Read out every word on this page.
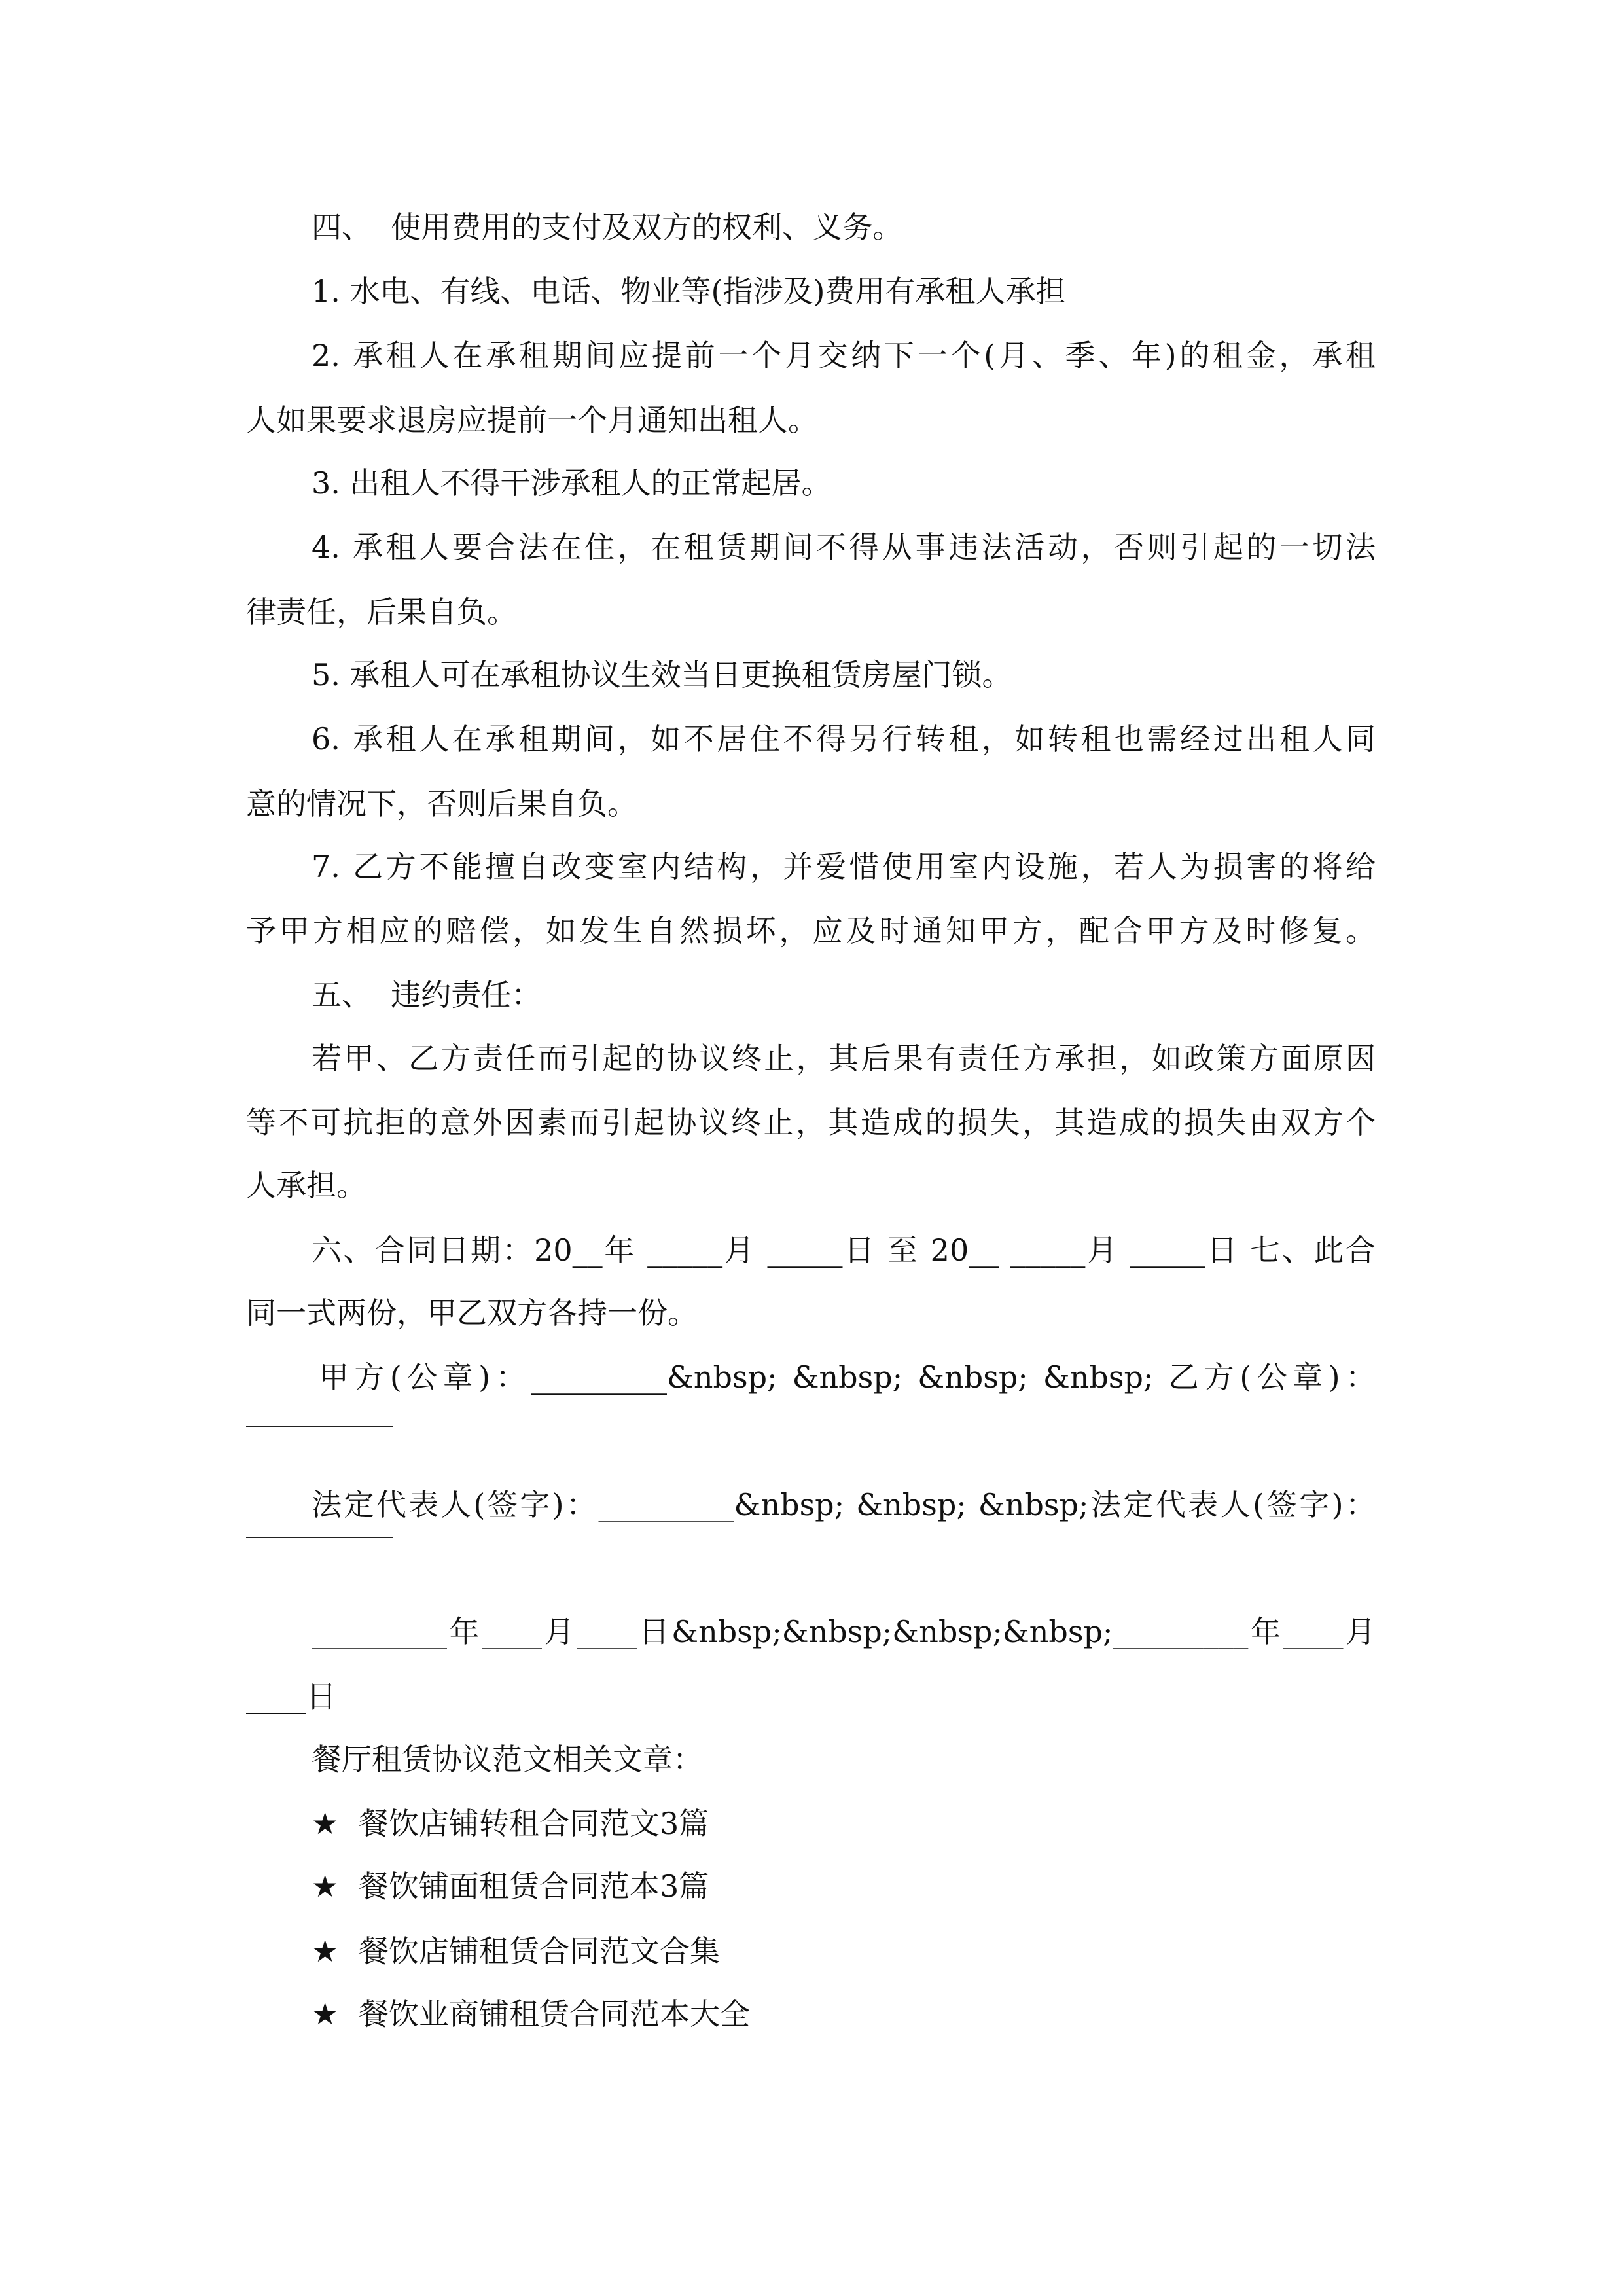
四、  使用费用的支付及双方的权利、义务。
1. 水电、有线、电话、物业等(指涉及)费用有承租人承担
2. 承租人在承租期间应提前一个月交纳下一个(月、季、年)的租金，承租
人如果要求退房应提前一个月通知出租人。
3. 出租人不得干涉承租人的正常起居。
4. 承租人要合法在住，在租赁期间不得从事违法活动，否则引起的一切法
律责任，后果自负。
5. 承租人可在承租协议生效当日更换租赁房屋门锁。
6. 承租人在承租期间，如不居住不得另行转租，如转租也需经过出租人同
意的情况下，否则后果自负。
7. 乙方不能擅自改变室内结构，并爱惜使用室内设施，若人为损害的将给
予甲方相应的赔偿，如发生自然损坏，应及时通知甲方，配合甲方及时修复。
五、  违约责任：
若甲、乙方责任而引起的协议终止，其后果有责任方承担，如政策方面原因
等不可抗拒的意外因素而引起协议终止，其造成的损失，其造成的损失由双方个
人承担。
六、合同日期：20__年 _____月 _____日 至 20__ _____月 _____日 七、此合
同一式两份，甲乙双方各持一份。
甲方(公章)：_________&nbsp; &nbsp; &nbsp; &nbsp; 乙方(公章)：
法定代表人(签字)：_________&nbsp; &nbsp; &nbsp;法定代表人(签字)：
_________年____月____日&nbsp;&nbsp;&nbsp;&nbsp;_________年____月
____日
餐厅租赁协议范文相关文章：
★ 餐饮店铺转租合同范文3篇
★ 餐饮铺面租赁合同范本3篇
★ 餐饮店铺租赁合同范文合集
★ 餐饮业商铺租赁合同范本大全
